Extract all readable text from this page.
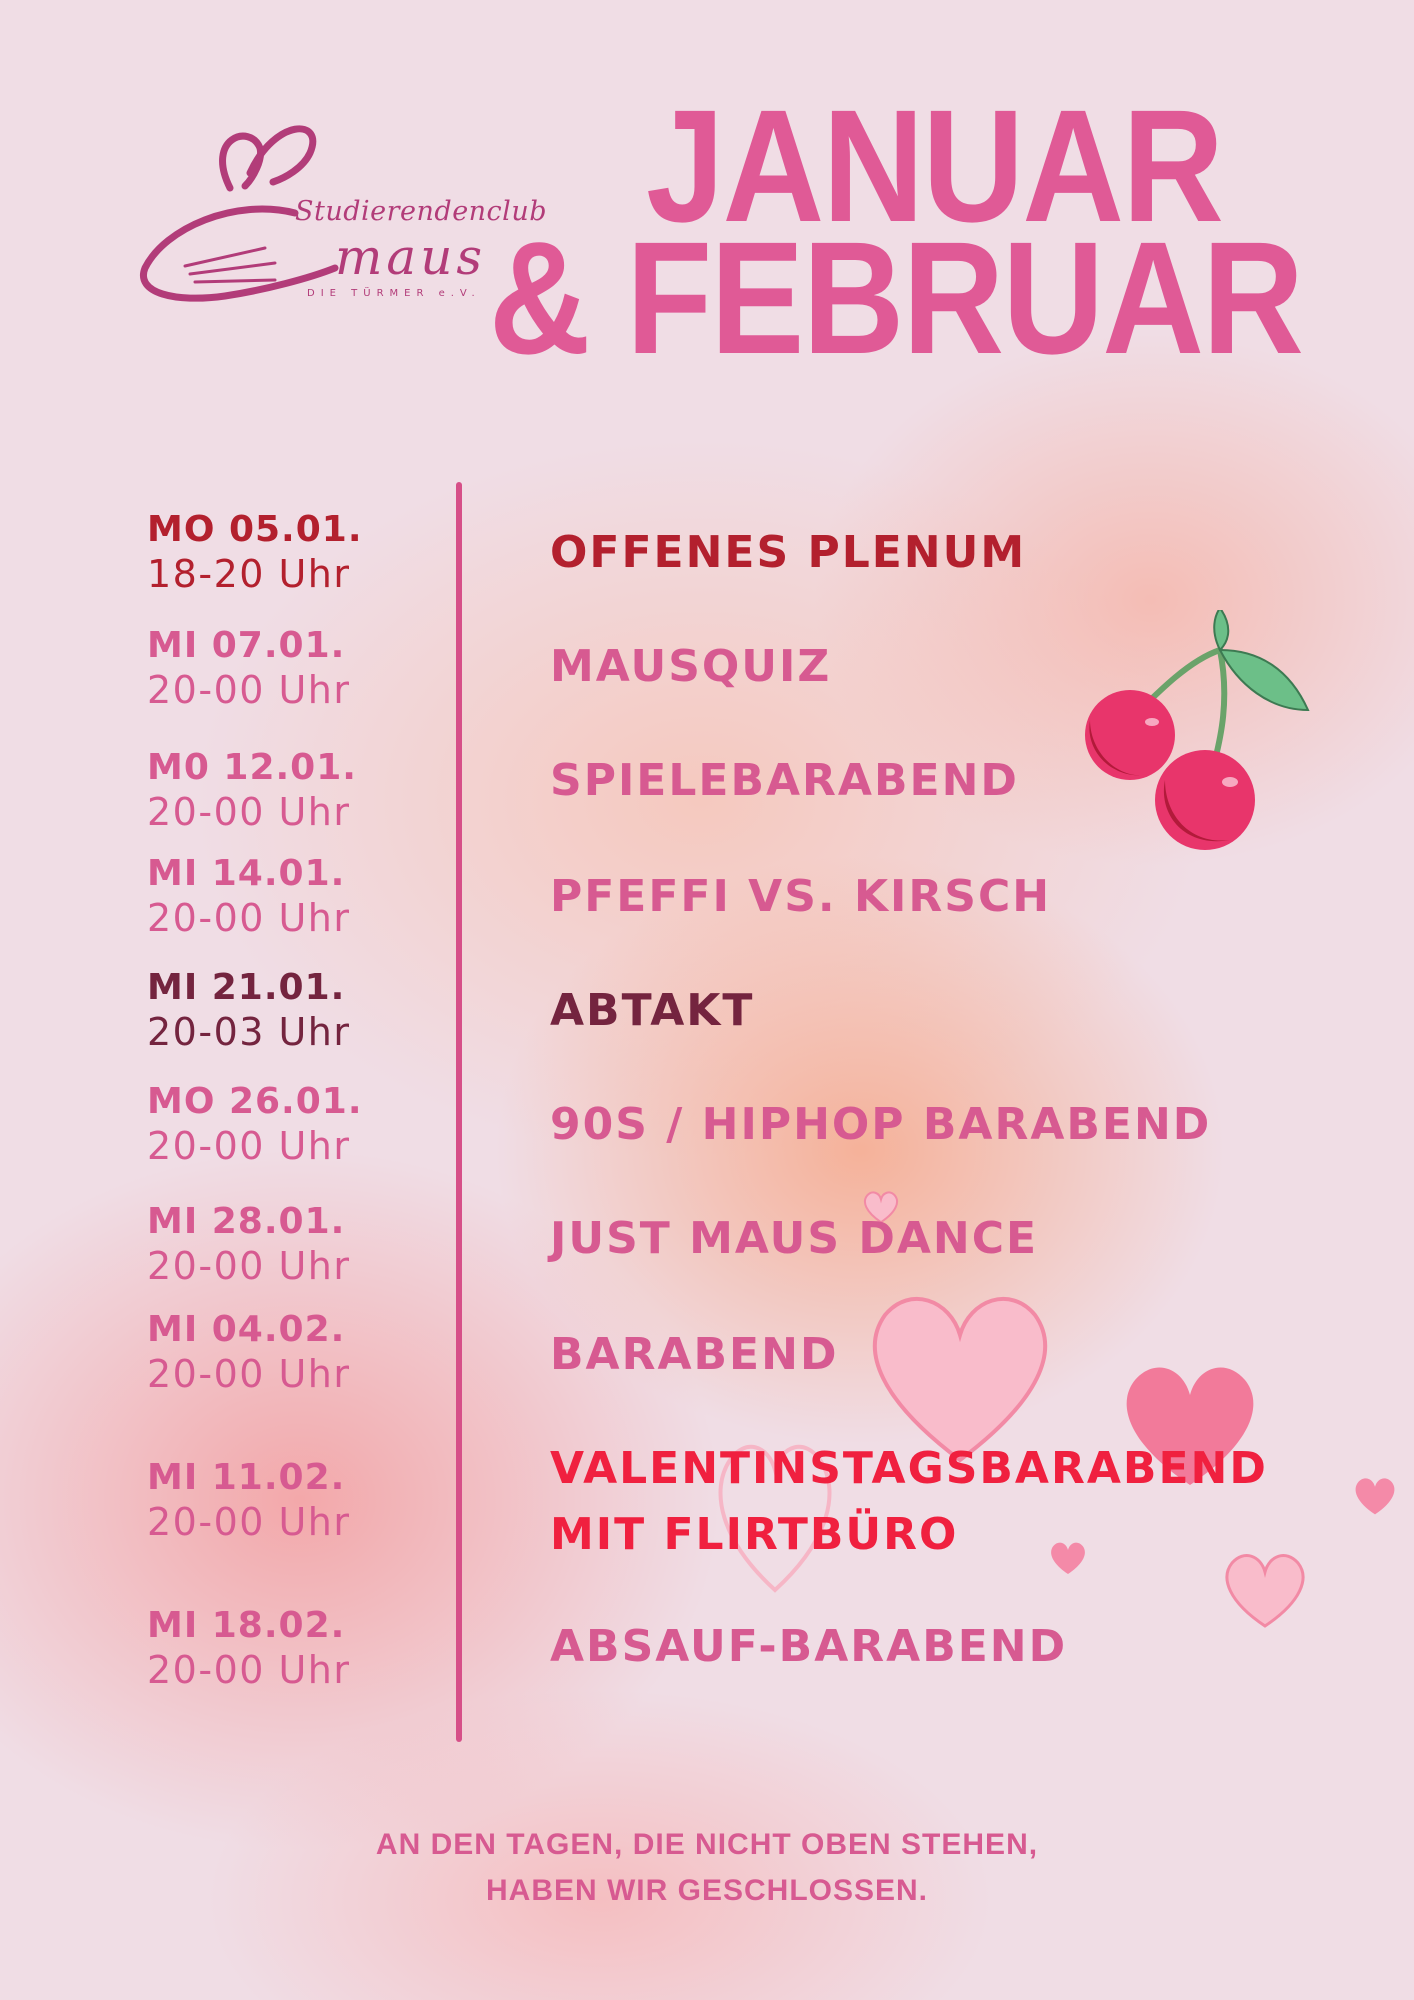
Studierendenclub
maus
DIE TÜRMER e.V.
JANUAR
& FEBRUAR
MO 05.01.
18-20 Uhr
MI 07.01.
20-00 Uhr
M0 12.01.
20-00 Uhr
MI 14.01.
20-00 Uhr
MI 21.01.
20-03 Uhr
MO 26.01.
20-00 Uhr
MI 28.01.
20-00 Uhr
MI 04.02.
20-00 Uhr
MI 11.02.
20-00 Uhr
MI 18.02.
20-00 Uhr
OFFENES PLENUM
MAUSQUIZ
SPIELEBARABEND
PFEFFI VS. KIRSCH
ABTAKT
90S / HIPHOP BARABEND
JUST MAUS DANCE
BARABEND
VALENTINSTAGSBARABEND
MIT FLIRTBÜRO
ABSAUF-BARABEND
AN DEN TAGEN, DIE NICHT OBEN STEHEN,
HABEN WIR GESCHLOSSEN.
